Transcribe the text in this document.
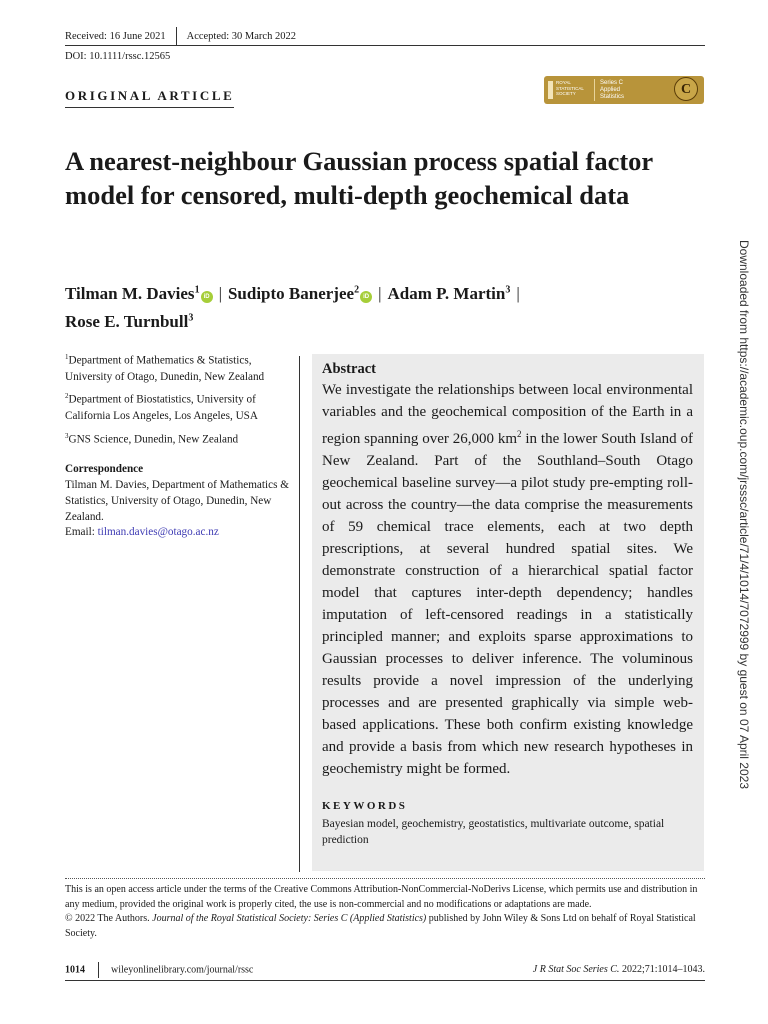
Received: 16 June 2021 Accepted: 30 March 2022
DOI: 10.1111/rssc.12565
ORIGINAL ARTICLE
ROYAL
STATISTICAL
SOCIETY
Series C
Applied
Statistics	C
A nearest-neighbour Gaussian process spatial factor model for censored, multi-depth geochemical data
Tilman M. Davies$^1$iD | Sudipto Banerjee$^2$iD | Adam P. Martin$^3$ |
Rose E. Turnbull$^3$

$^1$Department of Mathematics & Statistics, University of Otago, Dunedin, New Zealand

$^2$Department of Biostatistics, University of California Los Angeles, Los Angeles, USA

$^3$GNS Science, Dunedin, New Zealand

Correspondence

Tilman M. Davies, Department of Mathematics & Statistics, University of Otago, Dunedin, New Zealand.
Email: tilman.davies@otago.ac.nz

Abstract

We investigate the relationships between local environmental variables and the geochemical composition of the Earth in a region spanning over 26,000 $km^2$ in the lower South Island of New Zealand. Part of the Southland–South Otago geochemical baseline survey—a pilot study pre-empting roll-out across the country—the data comprise the measurements of 59 chemical trace elements, each at two depth prescriptions, at several hundred spatial sites. We demonstrate construction of a hierarchical spatial factor model that captures inter-depth dependency; handles imputation of left-censored readings in a statistically principled manner; and exploits sparse approximations to Gaussian processes to deliver inference. The voluminous results provide a novel impression of the underlying processes and are presented graphically via simple web-based applications. These both confirm existing knowledge and provide a basis from which new research hypotheses in geochemistry might be formed.

KEYWORDS
Bayesian model, geochemistry, geostatistics, multivariate outcome, spatial prediction

This is an open access article under the terms of the Creative Commons Attribution-NonCommercial-NoDerivs License, which permits use and distribution in any medium, provided the original work is properly cited, the use is non-commercial and no modifications or adaptations are made.

© 2022 The Authors. Journal of the Royal Statistical Society: Series C (Applied Statistics) published by John Wiley & Sons Ltd on behalf of Royal Statistical Society.

1014	wileyonlinelibrary.com/journal/rssc	J R Stat Soc Series C. 2022;71:1014–1043.
Downloaded from https://academic.oup.com/jrsssc/article/71/4/1014/7072999 by guest on 07 April 2023
